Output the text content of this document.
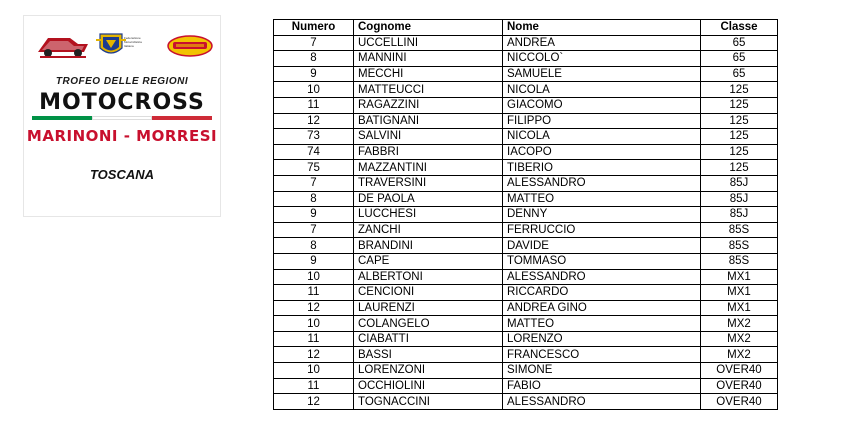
Federazione Motociclistica Italiana
TROFEO DELLE REGIONI
MOTOCROSS
MARINONI - MORRESI
TOSCANA
Numero	Cognome	Nome	Classe
7	UCCELLINI	ANDREA	65
8	MANNINI	NICCOLO`	65
9	MECCHI	SAMUELE	65
10	MATTEUCCI	NICOLA	125
11	RAGAZZINI	GIACOMO	125
12	BATIGNANI	FILIPPO	125
73	SALVINI	NICOLA	125
74	FABBRI	IACOPO	125
75	MAZZANTINI	TIBERIO	125
7	TRAVERSINI	ALESSANDRO	85J
8	DE PAOLA	MATTEO	85J
9	LUCCHESI	DENNY	85J
7	ZANCHI	FERRUCCIO	85S
8	BRANDINI	DAVIDE	85S
9	CAPE	TOMMASO	85S
10	ALBERTONI	ALESSANDRO	MX1
11	CENCIONI	RICCARDO	MX1
12	LAURENZI	ANDREA GINO	MX1
10	COLANGELO	MATTEO	MX2
11	CIABATTI	LORENZO	MX2
12	BASSI	FRANCESCO	MX2
10	LORENZONI	SIMONE	OVER40
11	OCCHIOLINI	FABIO	OVER40
12	TOGNACCINI	ALESSANDRO	OVER40
